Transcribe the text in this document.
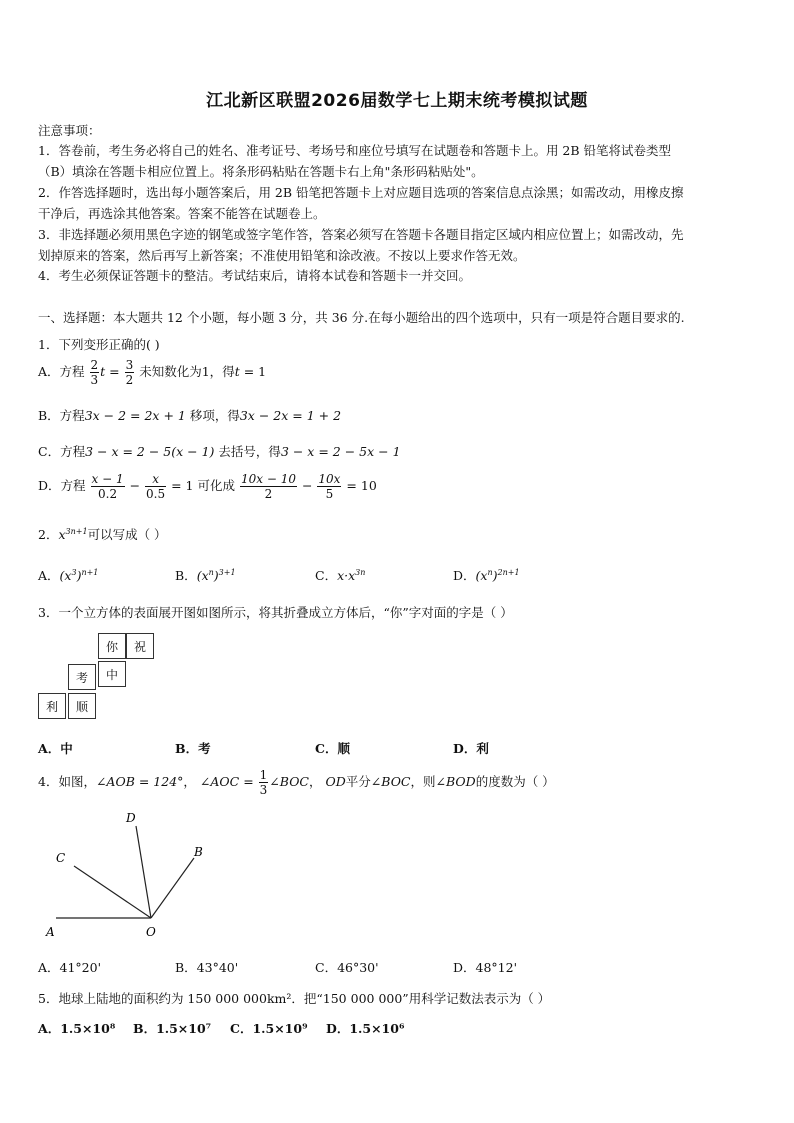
江北新区联盟2026届数学七上期末统考模拟试题
注意事项：
1．答卷前，考生务必将自己的姓名、准考证号、考场号和座位号填写在试题卷和答题卡上。用 2B 铅笔将试卷类型
（B）填涂在答题卡相应位置上。将条形码粘贴在答题卡右上角"条形码粘贴处"。
2．作答选择题时，选出每小题答案后，用 2B 铅笔把答题卡上对应题目选项的答案信息点涂黑；如需改动，用橡皮擦
干净后，再选涂其他答案。答案不能答在试题卷上。
3．非选择题必须用黑色字迹的钢笔或签字笔作答，答案必须写在答题卡各题目指定区域内相应位置上；如需改动，先
划掉原来的答案，然后再写上新答案；不准使用铅笔和涂改液。不按以上要求作答无效。
4．考生必须保证答题卡的整洁。考试结束后，请将本试卷和答题卡一并交回。
一、选择题：本大题共 12 个小题，每小题 3 分，共 36 分.在每小题给出的四个选项中，只有一项是符合题目要求的.
1．下列变形正确的( )
A．方程 $\frac{2}{3}$ $t = \frac{3}{2}$ 未知数化为1，得t = 1
B．方程3x − 2 = 2x + 1 移项，得3x − 2x = 1 + 2
C．方程3 − x = 2 − 5(x − 1) 去括号，得3 − x = 2 − 5x − 1
D．方程 $\frac{x - 1}{0.2} - \frac{x}{0.5} = 1$ 可化成 $\frac{10x - 10}{2} - \frac{10x}{5} = 10$
2．$x^{3n+1}$可以写成（ ）
A．$(x^3)^{n+1}$	B．$(x^n)^{3+1}$	C．$x\cdot x^{3n}$	D．$(x^n)^{2n+1}$
3．一个立方体的表面展开图如图所示，将其折叠成立方体后，“你”字对面的字是（ ）
你	祝
考	中
利	顺
A．中	B．考	C．顺	D．利
4．如图，∠AOB = 124°， ∠AOC = $\frac{1}{3}$ ∠BOC， OD平分∠BOC，则∠BOD的度数为（ ）
D
C	B
A	O
A．41°20'	B．43°40'	C．46°30'	D．48°12'
5．地球上陆地的面积约为 150 000 000km²．把“150 000 000”用科学记数法表示为（ ）
A．1.5×10⁸ B．1.5×10⁷ C．1.5×10⁹ D．1.5×10⁶
